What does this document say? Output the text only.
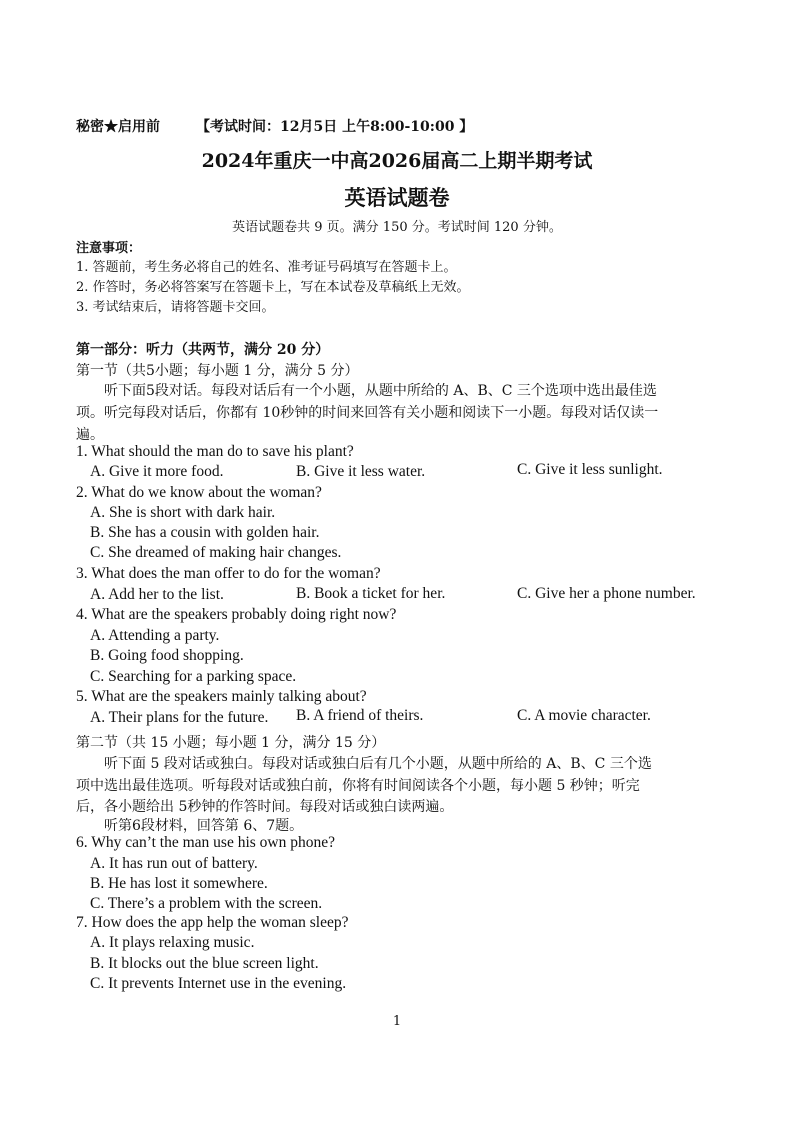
秘密★启用前	【考试时间：12月5日 上午8:00-10:00 】
2024年重庆一中高2026届高二上期半期考试
英语试题卷
英语试题卷共 9 页。满分 150 分。考试时间 120 分钟。
注意事项：
1. 答题前，考生务必将自己的姓名、准考证号码填写在答题卡上。
2. 作答时，务必将答案写在答题卡上，写在本试卷及草稿纸上无效。
3. 考试结束后，请将答题卡交回。
第一部分：听力（共两节，满分 20 分）
第一节（共5小题；每小题 1 分，满分 5 分）
听下面5段对话。每段对话后有一个小题，从题中所给的 A、B、C 三个选项中选出最佳选
项。听完每段对话后，你都有 10秒钟的时间来回答有关小题和阅读下一小题。每段对话仅读一
遍。
1. What should the man do to save his plant?
A. Give it more food.	B. Give it less water.	C. Give it less sunlight.
2. What do we know about the woman?
A. She is short with dark hair.
B. She has a cousin with golden hair.
C. She dreamed of making hair changes.
3. What does the man offer to do for the woman?
A. Add her to the list.	B. Book a ticket for her.	C. Give her a phone number.
4. What are the speakers probably doing right now?
A. Attending a party.
B. Going food shopping.
C. Searching for a parking space.
5. What are the speakers mainly talking about?
A. Their plans for the future. B. A friend of theirs.	C. A movie character.
第二节（共 15 小题；每小题 1 分，满分 15 分）
听下面 5 段对话或独白。每段对话或独白后有几个小题，从题中所给的 A、B、C 三个选
项中选出最佳选项。听每段对话或独白前，你将有时间阅读各个小题，每小题 5 秒钟；听完
后，各小题给出 5秒钟的作答时间。每段对话或独白读两遍。
听第6段材料，回答第 6、7题。
6. Why can’t the man use his own phone?
A. It has run out of battery.
B. He has lost it somewhere.
C. There’s a problem with the screen.
7. How does the app help the woman sleep?
A. It plays relaxing music.
B. It blocks out the blue screen light.
C. It prevents Internet use in the evening.
1
